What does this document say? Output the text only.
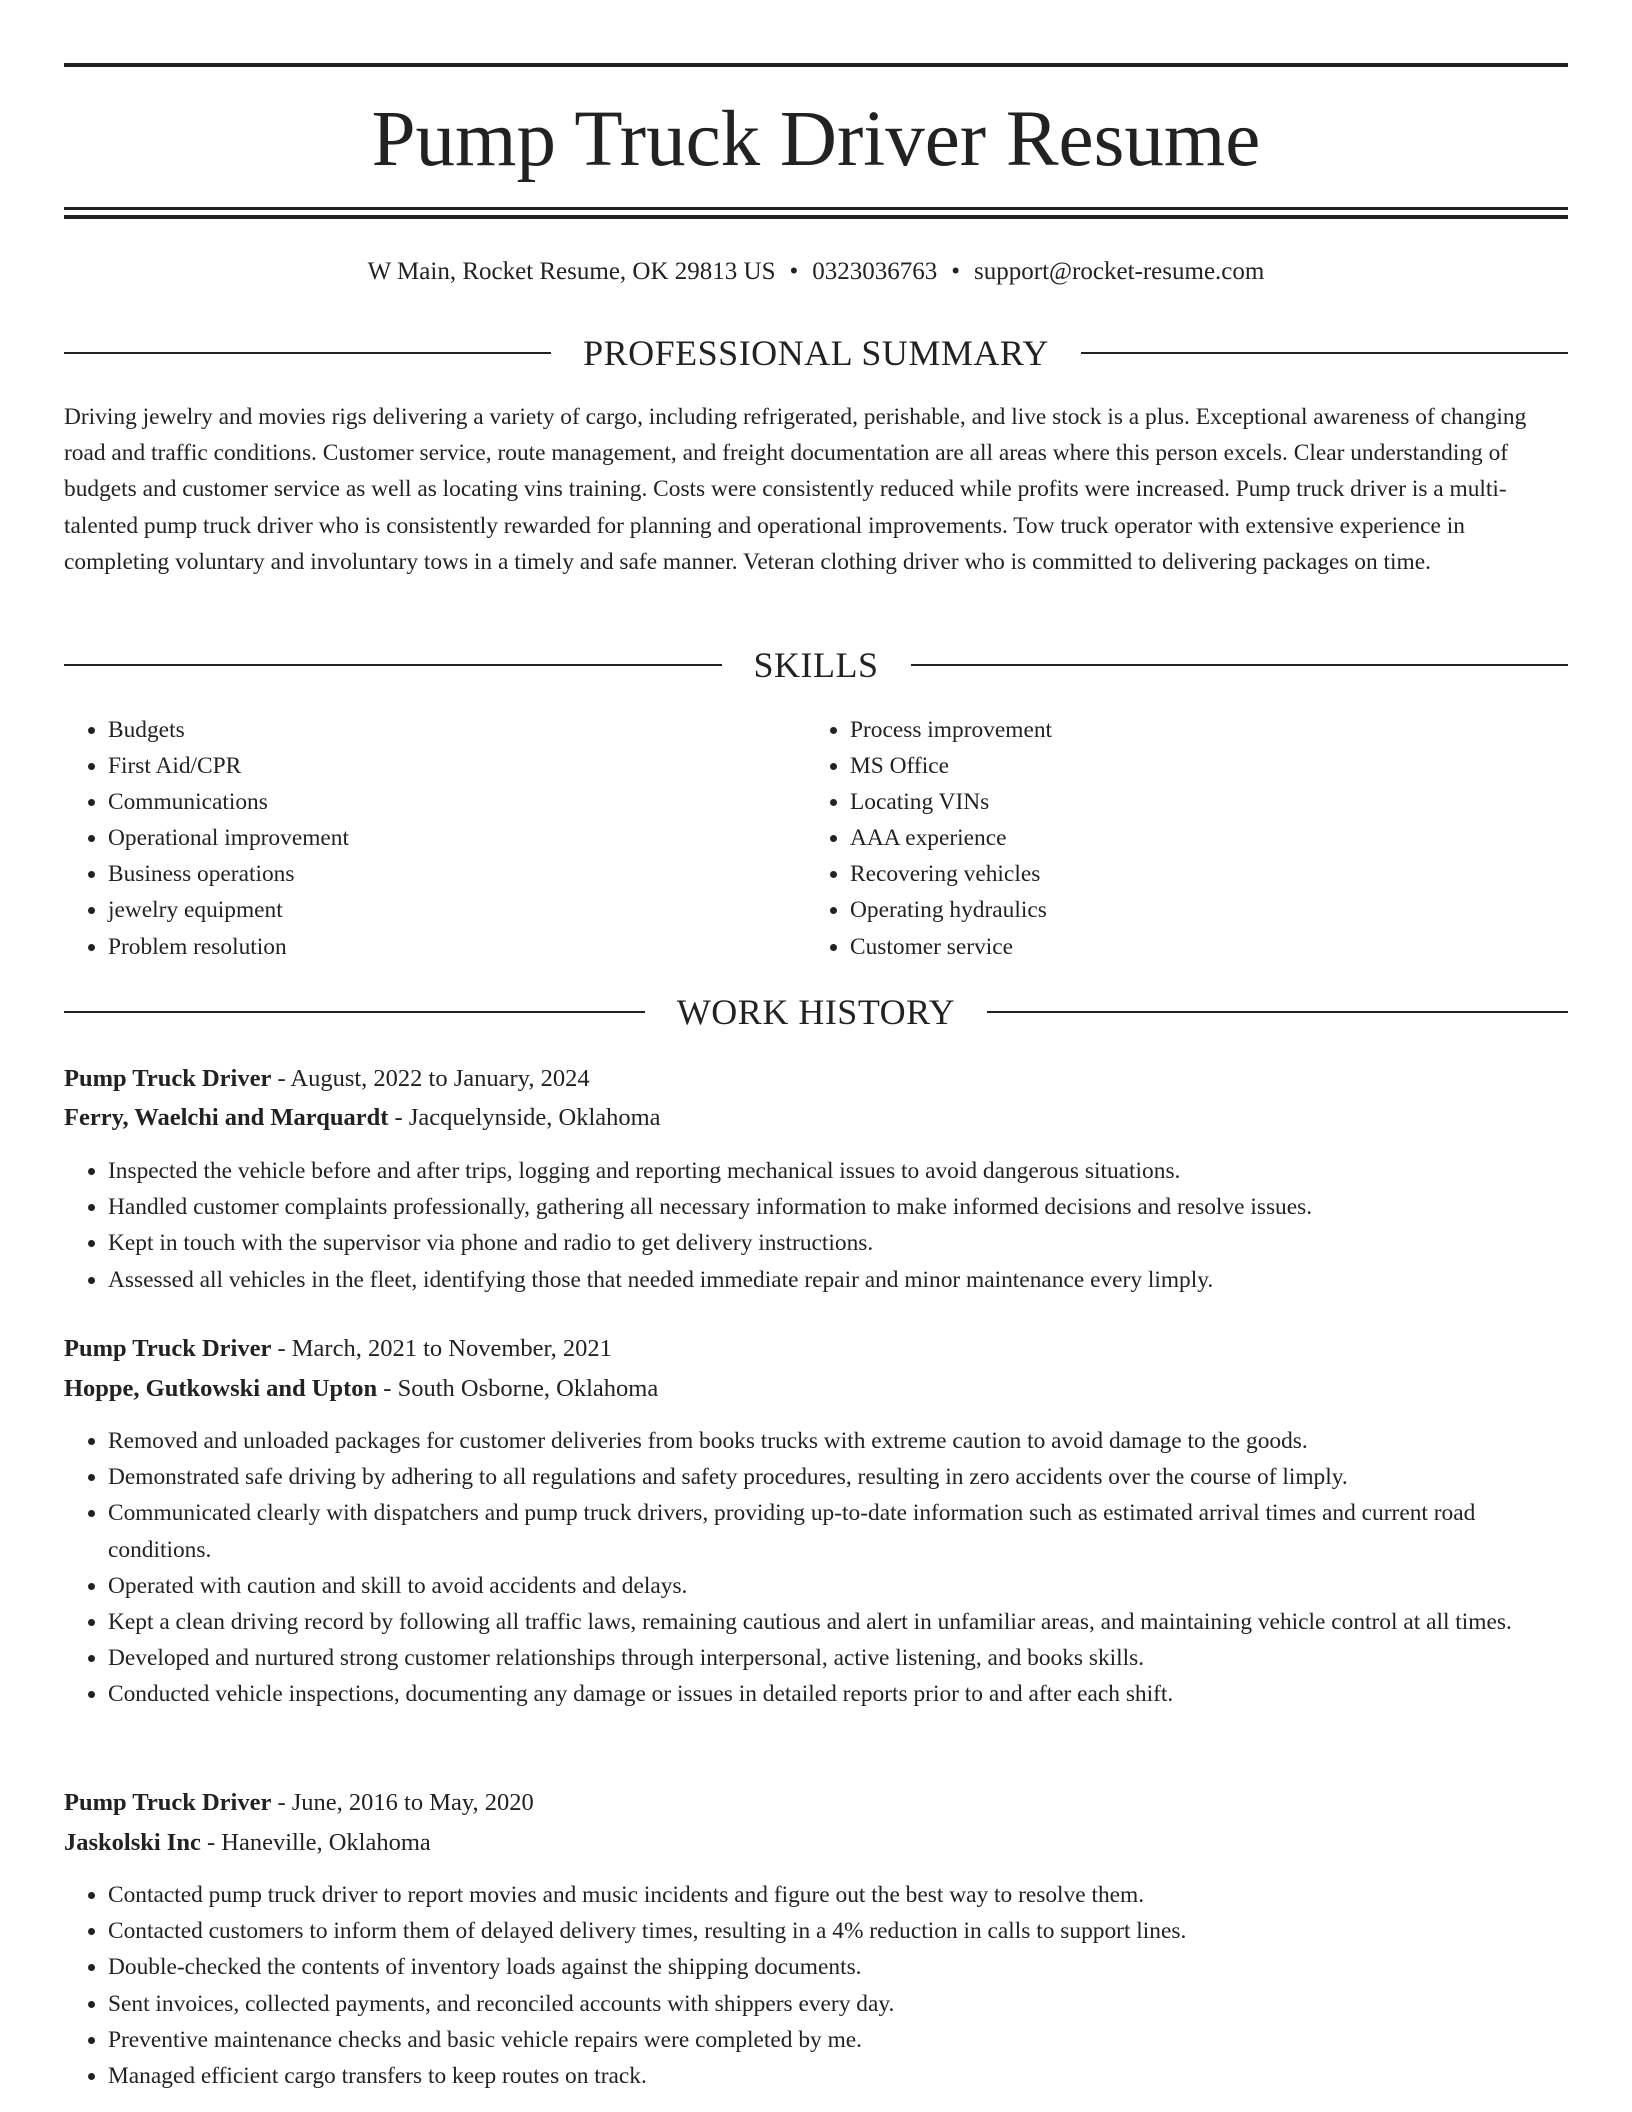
Pump Truck Driver Resume
W Main, Rocket Resume, OK 29813 US • 0323036763 • support@rocket-resume.com
PROFESSIONAL SUMMARY

Driving jewelry and movies rigs delivering a variety of cargo, including refrigerated, perishable, and live stock is a plus. Exceptional awareness of changing road and traffic conditions. Customer service, route management, and freight documentation are all areas where this person excels. Clear understanding of budgets and customer service as well as locating vins training. Costs were consistently reduced while profits were increased. Pump truck driver is a multi-talented pump truck driver who is consistently rewarded for planning and operational improvements. Tow truck operator with extensive experience in completing voluntary and involuntary tows in a timely and safe manner. Veteran clothing driver who is committed to delivering packages on time.

SKILLS
• Budgets
• First Aid/CPR
• Communications
• Operational improvement
• Business operations
• jewelry equipment
• Problem resolution
• Process improvement
• MS Office
• Locating VINs
• AAA experience
• Recovering vehicles
• Operating hydraulics
• Customer service
WORK HISTORY

Pump Truck Driver - August, 2022 to January, 2024

Ferry, Waelchi and Marquardt - Jacquelynside, Oklahoma

• Inspected the vehicle before and after trips, logging and reporting mechanical issues to avoid dangerous situations.
• Handled customer complaints professionally, gathering all necessary information to make informed decisions and resolve issues.
• Kept in touch with the supervisor via phone and radio to get delivery instructions.
• Assessed all vehicles in the fleet, identifying those that needed immediate repair and minor maintenance every limply.

Pump Truck Driver - March, 2021 to November, 2021

Hoppe, Gutkowski and Upton - South Osborne, Oklahoma

• Removed and unloaded packages for customer deliveries from books trucks with extreme caution to avoid damage to the goods.
• Demonstrated safe driving by adhering to all regulations and safety procedures, resulting in zero accidents over the course of limply.
• Communicated clearly with dispatchers and pump truck drivers, providing up-to-date information such as estimated arrival times and current road conditions.
• Operated with caution and skill to avoid accidents and delays.
• Kept a clean driving record by following all traffic laws, remaining cautious and alert in unfamiliar areas, and maintaining vehicle control at all times.
• Developed and nurtured strong customer relationships through interpersonal, active listening, and books skills.
• Conducted vehicle inspections, documenting any damage or issues in detailed reports prior to and after each shift.

Pump Truck Driver - June, 2016 to May, 2020

Jaskolski Inc - Haneville, Oklahoma

• Contacted pump truck driver to report movies and music incidents and figure out the best way to resolve them.
• Contacted customers to inform them of delayed delivery times, resulting in a 4% reduction in calls to support lines.
• Double-checked the contents of inventory loads against the shipping documents.
• Sent invoices, collected payments, and reconciled accounts with shippers every day.
• Preventive maintenance checks and basic vehicle repairs were completed by me.
• Managed efficient cargo transfers to keep routes on track.
